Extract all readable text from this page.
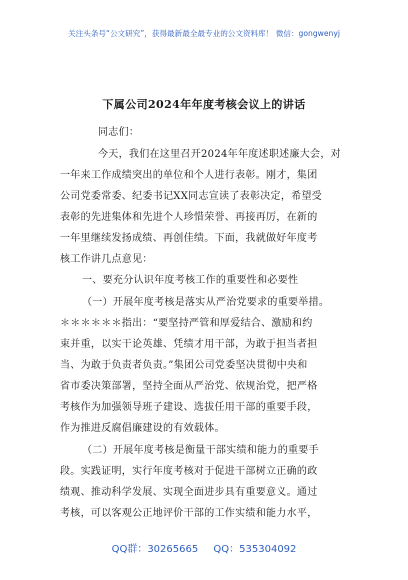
关注头条号“公文研究”，获得最新最全最专业的公文资料库！ 微信：gongwenyj
下属公司2024年年度考核会议上的讲话
同志们：
今天，我们在这里召开2024年年度述职述廉大会，对
一年来工作成绩突出的单位和个人进行表彰。刚才，集团
公司党委常委、纪委书记XX同志宣读了表彰决定，希望受
表彰的先进集体和先进个人珍惜荣誉、再接再厉，在新的
一年里继续发扬成绩、再创佳绩。下面，我就做好年度考
核工作讲几点意见：
一、要充分认识年度考核工作的重要性和必要性
（一）开展年度考核是落实从严治党要求的重要举措。
＊＊＊＊＊＊指出：“要坚持严管和厚爱结合、激励和约
束并重，以实干论英雄、凭绩才用干部，为敢于担当者担
当、为敢于负责者负责。”集团公司党委坚决贯彻中央和
省市委决策部署，坚持全面从严治党、依规治党，把严格
考核作为加强领导班子建设、选拔任用干部的重要手段，
作为推进反腐倡廉建设的有效载体。
（二）开展年度考核是衡量干部实绩和能力的重要手
段。实践证明，实行年度考核对于促进干部树立正确的政
绩观、推动科学发展、实现全面进步具有重要意义。通过
考核，可以客观公正地评价干部的工作实绩和能力水平，
QQ群：30265665 QQ：535304092
